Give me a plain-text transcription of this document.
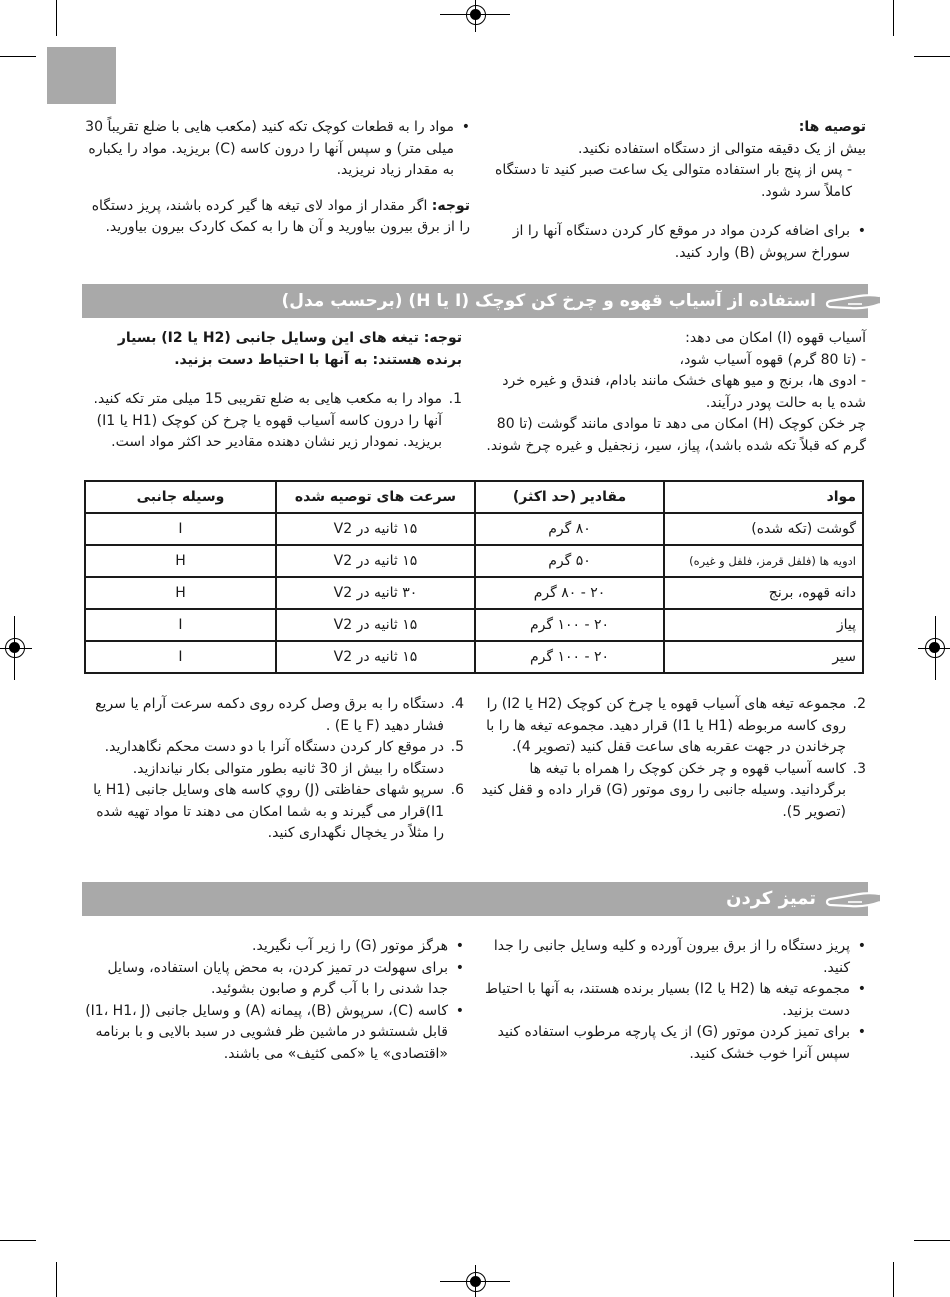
توصیه ها:

بیش از یک دقیقه متوالی از دستگاه استفاده نکنید.

- پس از پنج بار استفاده متوالی یک ساعت صبر کنید تا دستگاه کاملاً سرد شود.

• برای اضافه کردن مواد در موقع کار کردن دستگاه آنها را از سوراخ سرپوش (B) وارد کنید.

• مواد را به قطعات کوچک تکه کنید (مکعب هایی با ضلع تقریباً 30 میلی متر) و سپس آنها را درون کاسه (C) بریزید. مواد را یکباره به مقدار زیاد نریزید.

توجه: اگر مقدار از مواد لای تیغه ها گیر کرده باشند، پریز دستگاه را از برق بیرون بیاورید و آن ها را به کمک کاردک بیرون بیاورید.

استفاده از آسیاب قهوه و چرخ کن کوچک (I یا H) (برحسب مدل)

آسیاب قهوه (I) امکان می دهد:

- (تا 80 گرم) قهوه آسیاب شود،

- ادوی ها، برنج و میو ههای خشک مانند بادام، فندق و غیره خرد شده یا به حالت پودر درآیند.

چر خکن کوچک (H) امکان می دهد تا موادی مانند گوشت (تا 80 گرم که قبلاً تکه شده باشد)، پیاز، سیر، زنجفیل و غیره چرخ شوند.

توجه: تیغه های این وسایل جانبی (H2 یا I2) بسیار برنده هستند: به آنها با احتیاط دست بزنید.

1.
مواد را به مکعب هایی به ضلع تقریبی 15 میلی متر تکه کنید. آنها را درون کاسه آسیاب قهوه یا چرخ کن کوچک (H1 یا I1) بریزید. نمودار زیر نشان دهنده مقادیر حد اکثر مواد است.

مواد	مقادیر (حد اکثر)	سرعت های توصیه شده	وسیله جانبی
گوشت (تکه شده)	۸۰ گرم	۱۵ ثانیه در V2	I
ادویه ها (فلفل قرمز، فلفل و غیره)	۵۰ گرم	۱۵ ثانیه در V2	H
دانه قهوه، برنج	۲۰ - ۸۰ گرم	۳۰ ثانیه در V2	H
پیاز	۲۰ - ۱۰۰ گرم	۱۵ ثانیه در V2	I
سیر	۲۰ - ۱۰۰ گرم	۱۵ ثانیه در V2	I

2.
مجموعه تیغه های آسیاب قهوه یا چرخ کن کوچک (H2 یا I2) را روی کاسه مربوطه (H1 یا I1) قرار دهید. مجموعه تیغه ها را با چرخاندن در جهت عقربه های ساعت قفل کنید (تصویر 4).

3.
کاسه آسیاب قهوه و چر خکن کوچک را همراه با تیغه ها برگردانید. وسیله جانبی را روی موتور (G) قرار داده و قفل کنید (تصویر 5).

4.
دستگاه را به برق وصل کرده روی دکمه سرعت آرام یا سریع فشار دهید (F یا E) .

5.
در موقع کار کردن دستگاه آنرا با دو دست محکم نگاهدارید. دستگاه را بیش از 30 ثانیه بطور متوالی بکار نیاندازید.

6.
سرپو شهای حفاظتی (J) روي كاسه های وسایل جانبی (H1 یا I1)قرار می گیرند و به شما امکان می دهند تا مواد تهیه شده را مثلاً در یخچال نگهداری کنید.

تمیز کردن

• پریز دستگاه را از برق بیرون آورده و کلیه وسایل جانبی را جدا کنید.

• مجموعه تیغه ها (H2 یا I2) بسیار برنده هستند، به آنها با احتیاط دست بزنید.

• برای تمیز کردن موتور (G) از یک پارچه مرطوب استفاده کنید سپس آنرا خوب خشک کنید.

• هرگز موتور (G) را زیر آب نگیرید.

• برای سهولت در تمیز کردن، به محض پایان استفاده، وسایل جدا شدنی را با آب گرم و صابون بشوئید.

• کاسه (C)، سرپوش (B)، پیمانه (A) و وسایل جانبی (I1، H1، J) قابل شستشو در ماشین ظر فشویی در سبد بالایی و با برنامه «اقتصادی» یا «کمی کثیف» می باشند.
